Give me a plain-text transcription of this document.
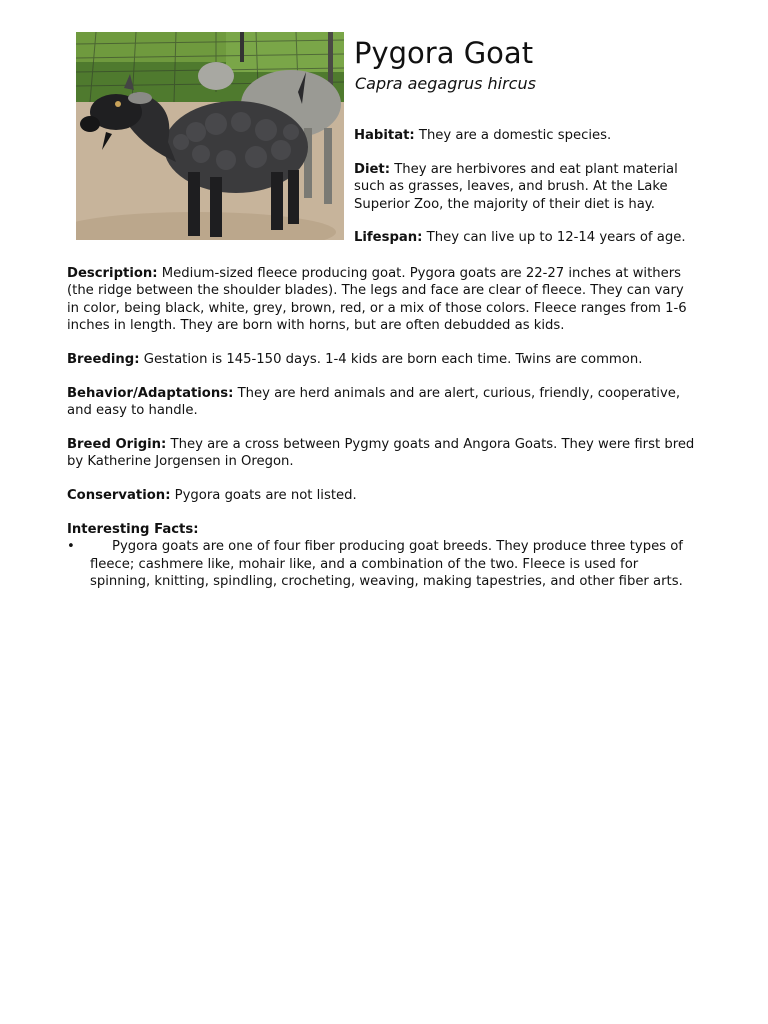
Pygora Goat
Capra aegagrus hircus

Habitat: They are a domestic species.

Diet: They are herbivores and eat plant material such as grasses, leaves, and brush. At the Lake Superior Zoo, the majority of their diet is hay.

Lifespan: They can live up to 12-14 years of age.

Description: Medium-sized fleece producing goat. Pygora goats are 22-27 inches at withers (the ridge between the shoulder blades). The legs and face are clear of fleece. They can vary in color, being black, white, grey, brown, red, or a mix of those colors. Fleece ranges from 1-6 inches in length. They are born with horns, but are often debudded as kids.

Breeding: Gestation is 145-150 days. 1-4 kids are born each time. Twins are common.

Behavior/Adaptations: They are herd animals and are alert, curious, friendly, cooperative, and easy to handle.

Breed Origin: They are a cross between Pygmy goats and Angora Goats. They were first bred by Katherine Jorgensen in Oregon.

Conservation: Pygora goats are not listed.

Interesting Facts:
•	Pygora goats are one of four fiber producing goat breeds. They produce three types of fleece; cashmere like, mohair like, and a combination of the two. Fleece is used for spinning, knitting, spindling, crocheting, weaving, making tapestries, and other fiber arts.
